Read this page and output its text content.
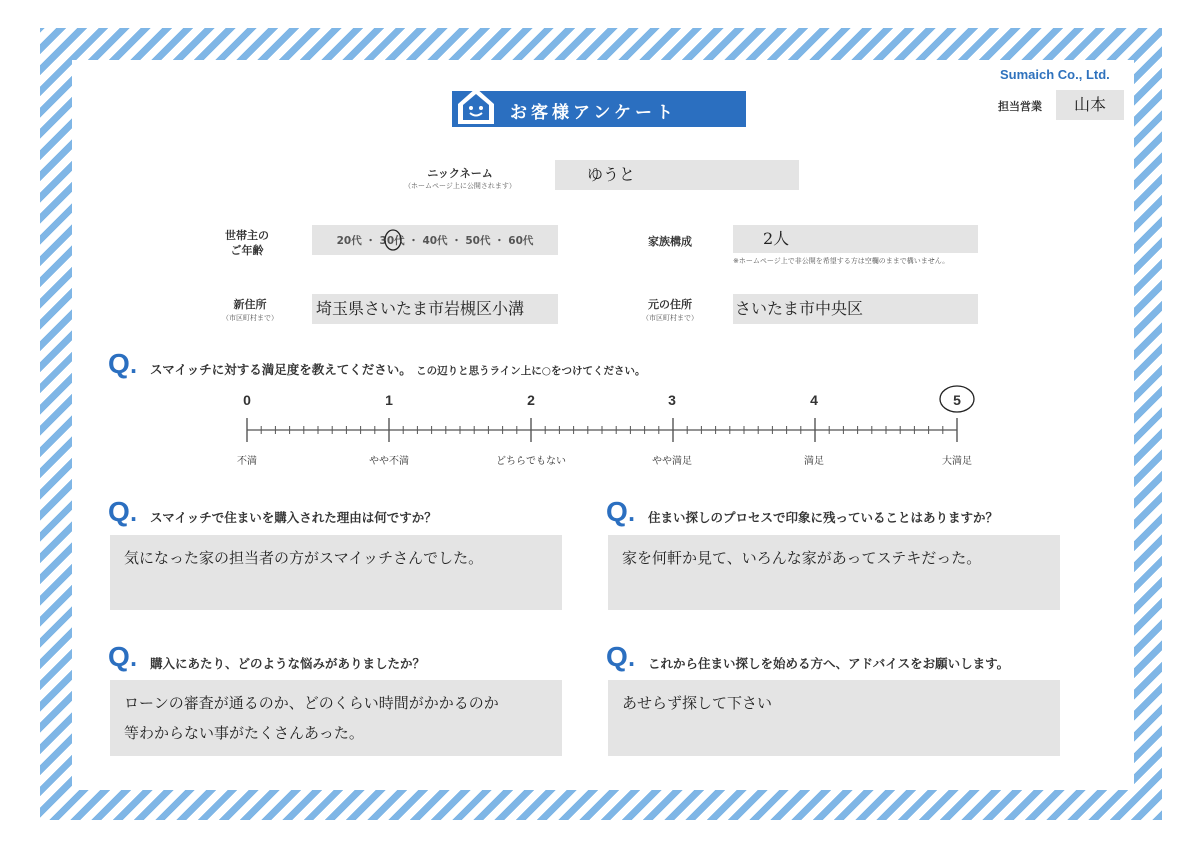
Sumaich Co., Ltd.
担当営業	山本
お客様アンケート
ニックネーム
（ホームページ上に公開されます）
ゆうと
世帯主の
ご年齢
20代 ・ 30代 ・ 40代 ・ 50代 ・ 60代	家族構成	2人
※ホームページ上で非公開を希望する方は空欄のままで構いません。
新住所
（市区町村まで）	埼玉県さいたま市岩槻区小溝	元の住所
（市区町村まで）	さいたま市中央区
Q. スマイッチに対する満足度を教えてください。 この辺りと思うライン上に○をつけてください。
0	1	2	3	4	5
不満	やや不満	どちらでもない	やや満足	満足	大満足
Q. スマイッチで住まいを購入された理由は何ですか？
気になった家の担当者の方がスマイッチさんでした。
Q. 住まい探しのプロセスで印象に残っていることはありますか？
家を何軒か見て、いろんな家があってステキだった。
Q. 購入にあたり、どのような悩みがありましたか？
ローンの審査が通るのか、どのくらい時間がかかるのか
等わからない事がたくさんあった。
Q. これから住まい探しを始める方へ、アドバイスをお願いします。
あせらず探して下さい
